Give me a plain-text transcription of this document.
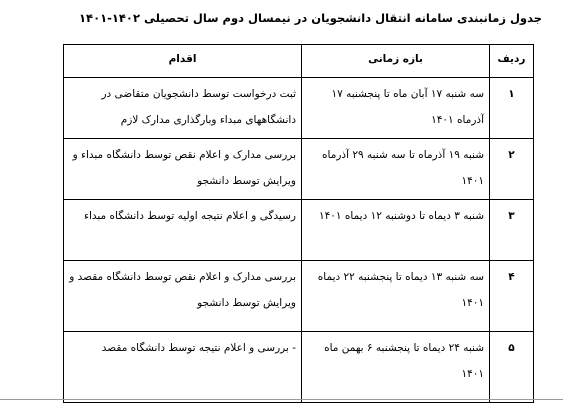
جدول زمانبندی سامانه انتقال دانشجویان در نیمسال دوم سال تحصیلی ۱۴۰۲-۱۴۰۱
ردیف	بازه زمانی	اقدام
۱	سه شنبه ۱۷ آبان ماه تا پنجشنبه ۱۷ آذرماه ۱۴۰۱	ثبت درخواست توسط دانشجویان متقاضی در دانشگاههای مبداء وبارگذاری مدارک لازم
۲	شنبه ۱۹ آذرماه تا سه شنبه ۲۹ آذرماه ۱۴۰۱	بررسی مدارک و اعلام نقص توسط دانشگاه مبداء و ویرایش توسط دانشجو
۳	شنبه ۳ دیماه تا دوشنبه ۱۲ دیماه ۱۴۰۱	رسیدگی و اعلام نتیجه اولیه توسط دانشگاه مبداء
۴	سه شنبه ۱۳ دیماه تا پنجشنبه ۲۲ دیماه ۱۴۰۱	بررسی مدارک و اعلام نقص توسط دانشگاه مقصد و ویرایش توسط دانشجو
۵	شنبه ۲۴ دیماه تا پنجشنبه ۶ بهمن ماه ۱۴۰۱	- بررسی و اعلام نتیجه توسط دانشگاه مقصد
